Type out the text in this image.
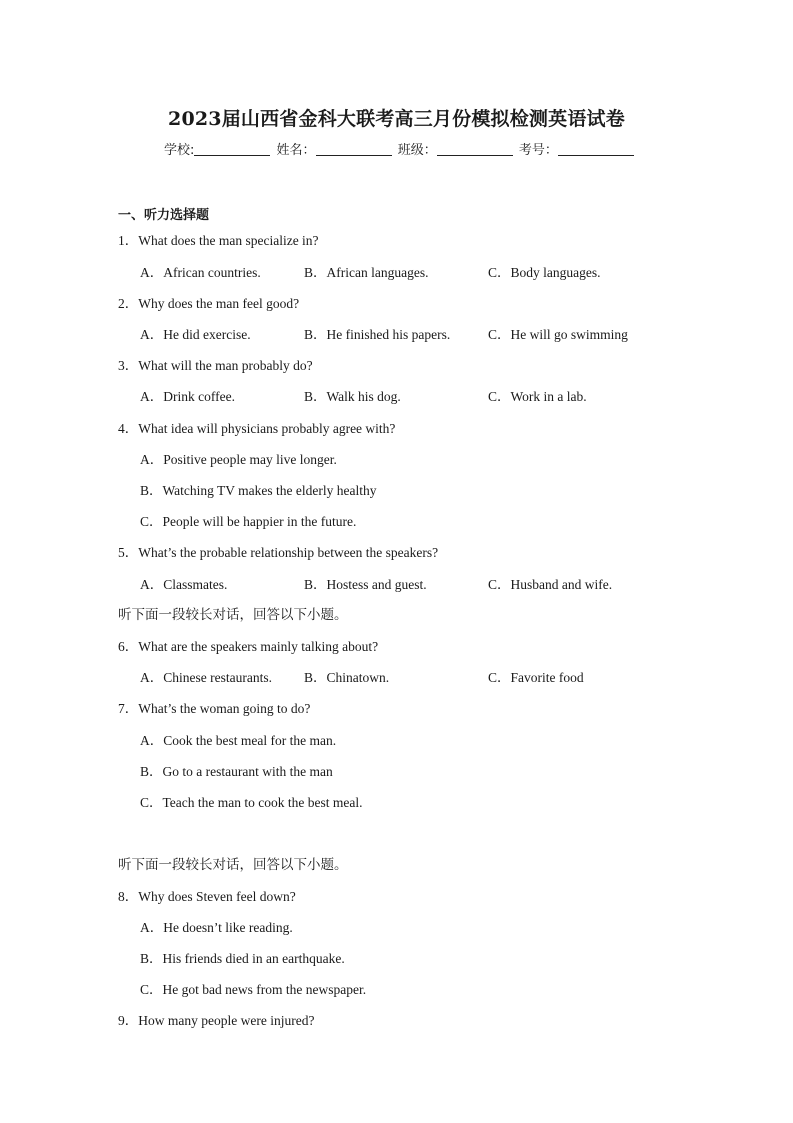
2023届山西省金科大联考高三月份模拟检测英语试卷
学校:	姓名：	班级：	考号：
一、听力选择题
1．What does the man specialize in?
A．African countries.	B．African languages.	C．Body languages.
2．Why does the man feel good?
A．He did exercise.	B．He finished his papers.	C．He will go swimming
3．What will the man probably do?
A．Drink coffee.	B．Walk his dog.	C．Work in a lab.
4．What idea will physicians probably agree with?
A．Positive people may live longer.
B．Watching TV makes the elderly healthy
C．People will be happier in the future.
5．What’s the probable relationship between the speakers?
A．Classmates.	B．Hostess and guest.	C．Husband and wife.
听下面一段较长对话，回答以下小题。
6．What are the speakers mainly talking about?
A．Chinese restaurants. B．Chinatown.	C．Favorite food
7．What’s the woman going to do?
A．Cook the best meal for the man.
B．Go to a restaurant with the man
C．Teach the man to cook the best meal.
听下面一段较长对话，回答以下小题。
8．Why does Steven feel down?
A．He doesn’t like reading.
B．His friends died in an earthquake.
C．He got bad news from the newspaper.
9．How many people were injured?
